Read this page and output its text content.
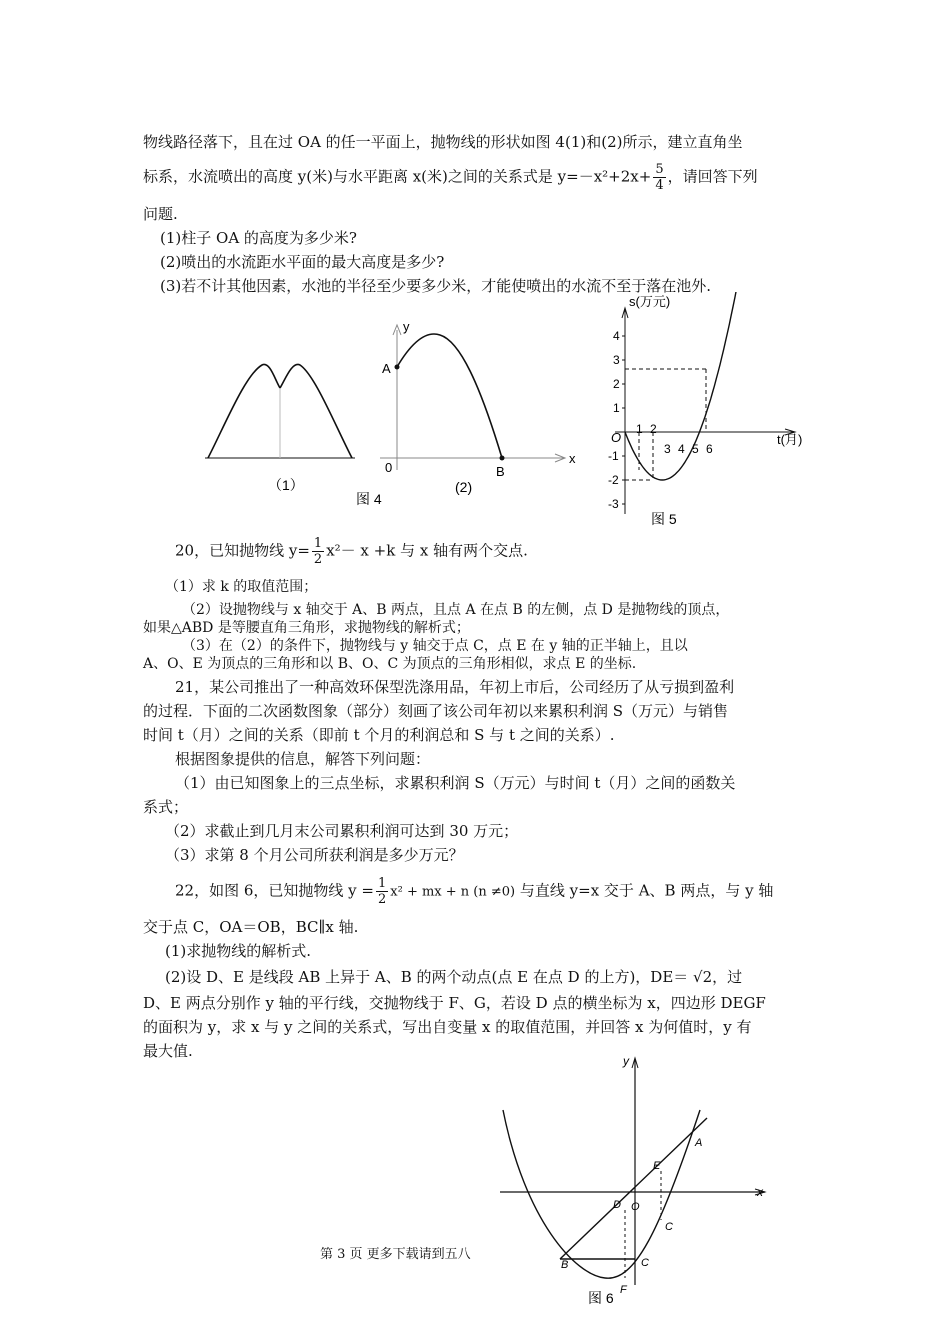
物线路径落下，且在过 OA 的任一平面上，抛物线的形状如图 4(1)和(2)所示，建立直角坐
标系，水流喷出的高度 y(米)与水平距离 x(米)之间的关系式是 $y=-x^2+2x+ \frac{5}{4}$ ，请回答下列
问题.
(1)柱子 OA 的高度为多少米?
(2)喷出的水流距水平面的最大高度是多少?
(3)若不计其他因素，水池的半径至少要多少米，才能使喷出的水流不至于落在池外.
（1）
y
x
A
B
0
(2)
图 4
4
3
2
1
-1
-2
-3
1 2
3 4 5 6
s(万元)
t(月)
O
图 5
20，已知抛物线 $y= \frac{1}{2} x^2- x +k$ 与 x 轴有两个交点.
（1）求 k 的取值范围；
（2）设抛物线与 x 轴交于 A、B 两点，且点 A 在点 B 的左侧，点 D 是抛物线的顶点，
如果△ABD 是等腰直角三角形，求抛物线的解析式；
（3）在（2）的条件下，抛物线与 y 轴交于点 C，点 E 在 y 轴的正半轴上，且以
A、O、E 为顶点的三角形和以 B、O、C 为顶点的三角形相似，求点 E 的坐标.
21，某公司推出了一种高效环保型洗涤用品，年初上市后，公司经历了从亏损到盈利
的过程．下面的二次函数图象（部分）刻画了该公司年初以来累积利润 S（万元）与销售
时间 t（月）之间的关系（即前 t 个月的利润总和 S 与 t 之间的关系）.
根据图象提供的信息，解答下列问题：
（1）由已知图象上的三点坐标，求累积利润 S（万元）与时间 t（月）之间的函数关
系式；
（2）求截止到几月末公司累积利润可达到 30 万元；
（3）求第 8 个月公司所获利润是多少万元？
22，如图 6，已知抛物线 $y = \frac{1}{2} x^2$ + mx + n (n ≠0) 与直线 y=x 交于 A、B 两点，与 y 轴
交于点 C，OA＝OB，BC∥x 轴.
(1)求抛物线的解析式.
(2)设 D、E 是线段 AB 上异于 A、B 的两个动点(点 E 在点 D 的上方)，DE＝ √2，过
D、E 两点分别作 y 轴的平行线，交抛物线于 F、G，若设 D 点的横坐标为 x，四边形 DEGF
的面积为 y，求 x 与 y 之间的关系式，写出自变量 x 的取值范围，并回答 x 为何值时，y 有
最大值.
y
x
A
B	C
D
E
F
O
C
图 6
第 3 页 更多下载请到五八
